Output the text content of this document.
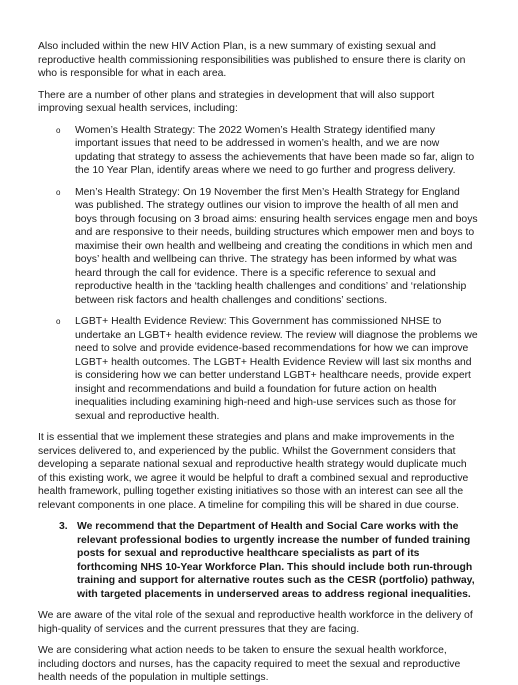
Also included within the new HIV Action Plan, is a new summary of existing sexual and reproductive health commissioning responsibilities was published to ensure there is clarity on who is responsible for what in each area.

There are a number of other plans and strategies in development that will also support improving sexual health services, including:

o Women’s Health Strategy: The 2022 Women’s Health Strategy identified many important issues that need to be addressed in women’s health, and we are now updating that strategy to assess the achievements that have been made so far, align to the 10 Year Plan, identify areas where we need to go further and progress delivery.
o Men’s Health Strategy: On 19 November the first Men’s Health Strategy for England was published. The strategy outlines our vision to improve the health of all men and boys through focusing on 3 broad aims: ensuring health services engage men and boys and are responsive to their needs, building structures which empower men and boys to maximise their own health and wellbeing and creating the conditions in which men and boys’ health and wellbeing can thrive. The strategy has been informed by what was heard through the call for evidence. There is a specific reference to sexual and reproductive health in the ‘tackling health challenges and conditions’ and ‘relationship between risk factors and health challenges and conditions’ sections.
o LGBT+ Health Evidence Review: This Government has commissioned NHSE to undertake an LGBT+ health evidence review. The review will diagnose the problems we need to solve and provide evidence-based recommendations for how we can improve LGBT+ health outcomes. The LGBT+ Health Evidence Review will last six months and is considering how we can better understand LGBT+ healthcare needs, provide expert insight and recommendations and build a foundation for future action on health inequalities including examining high-need and high-use services such as those for sexual and reproductive health.

It is essential that we implement these strategies and plans and make improvements in the services delivered to, and experienced by the public. Whilst the Government considers that developing a separate national sexual and reproductive health strategy would duplicate much of this existing work, we agree it would be helpful to draft a combined sexual and reproductive health framework, pulling together existing initiatives so those with an interest can see all the relevant components in one place. A timeline for compiling this will be shared in due course.

3. We recommend that the Department of Health and Social Care works with the relevant professional bodies to urgently increase the number of funded training posts for sexual and reproductive healthcare specialists as part of its forthcoming NHS 10-Year Workforce Plan. This should include both run-through training and support for alternative routes such as the CESR (portfolio) pathway, with targeted placements in underserved areas to address regional inequalities.

We are aware of the vital role of the sexual and reproductive health workforce in the delivery of high-quality of services and the current pressures that they are facing.

We are considering what action needs to be taken to ensure the sexual health workforce, including doctors and nurses, has the capacity required to meet the sexual and reproductive health needs of the population in multiple settings.
